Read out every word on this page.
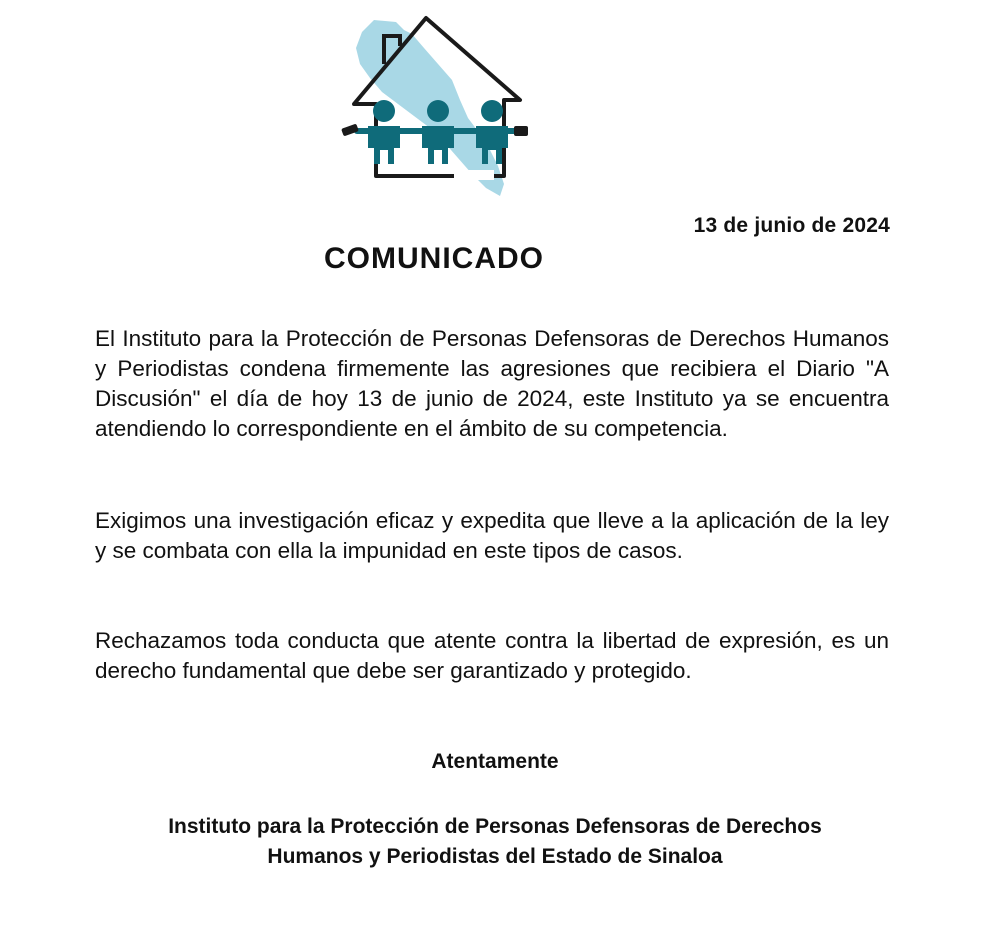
13 de junio de 2024
COMUNICADO

El Instituto para la Protección de Personas Defensoras de Derechos Humanos y Periodistas condena firmemente las agresiones que recibiera el Diario "A Discusión" el día de hoy 13 de junio de 2024, este Instituto ya se encuentra atendiendo lo correspondiente en el ámbito de su competencia.

Exigimos una investigación eficaz y expedita que lleve a la aplicación de la ley y se combata con ella la impunidad en este tipos de casos.

Rechazamos toda conducta que atente contra la libertad de expresión, es un derecho fundamental que debe ser garantizado y protegido.

Atentamente
Instituto para la Protección de Personas Defensoras de Derechos
Humanos y Periodistas del Estado de Sinaloa
